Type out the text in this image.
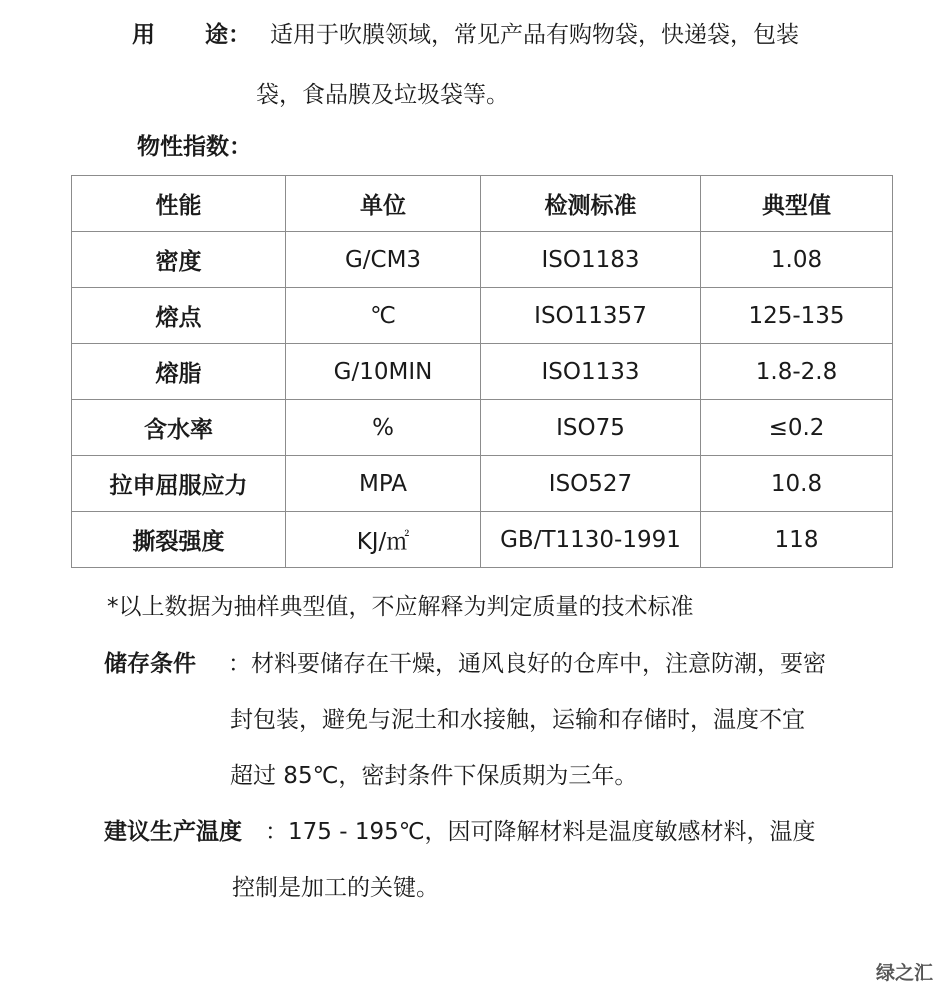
用 途： 适用于吹膜领域，常见产品有购物袋，快递袋，包装
袋，食品膜及垃圾袋等。
物性指数：
性能	单位	检测标准	典型值
密度	G/CM3	ISO1183	1.08
熔点	℃	ISO11357	125-135
熔脂	G/10MIN	ISO1133	1.8-2.8
含水率	%	ISO75	≤0.2
拉申屈服应力	MPA	ISO527	10.8
撕裂强度	KJ/㎡	GB/T1130-1991	118
*以上数据为抽样典型值，不应解释为判定质量的技术标准
储存条件 ：材料要储存在干燥，通风良好的仓库中，注意防潮，要密
封包装，避免与泥土和水接触，运输和存储时，温度不宜
超过 85℃，密封条件下保质期为三年。
建议生产温度 ：175 - 195℃，因可降解材料是温度敏感材料，温度
控制是加工的关键。
绿之汇
